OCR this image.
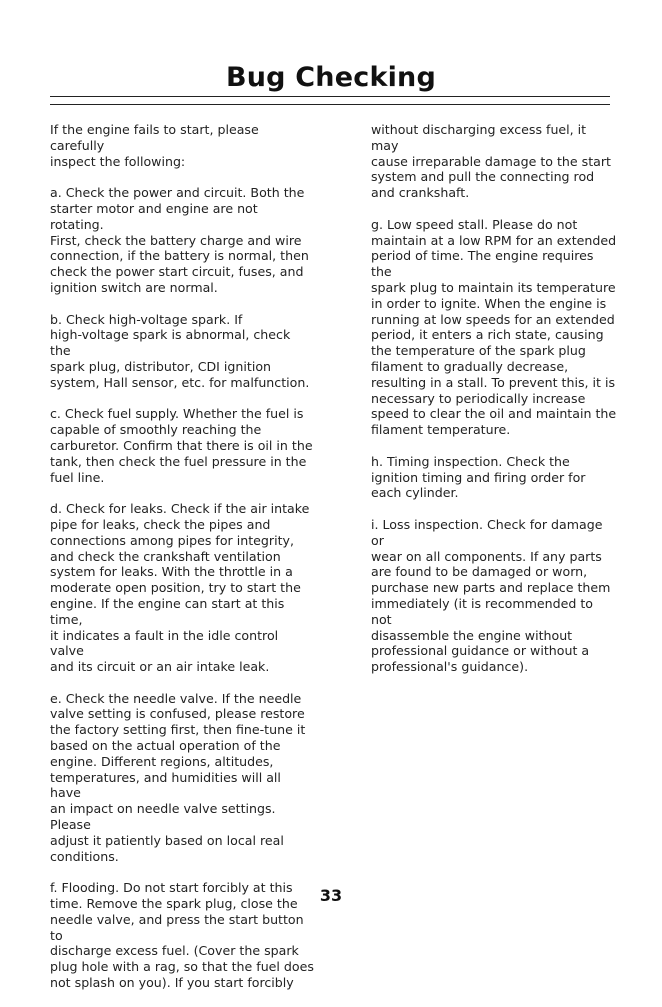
Bug Checking

If the engine fails to start, please carefully
inspect the following:

a. Check the power and circuit. Both the
starter motor and engine are not rotating.
First, check the battery charge and wire
connection, if the battery is normal, then
check the power start circuit, fuses, and
ignition switch are normal.

b. Check high-voltage spark. If
high-voltage spark is abnormal, check the
spark plug, distributor, CDI ignition
system, Hall sensor, etc. for malfunction.

c. Check fuel supply. Whether the fuel is
capable of smoothly reaching the
carburetor. Confirm that there is oil in the
tank, then check the fuel pressure in the
fuel line.

d. Check for leaks. Check if the air intake
pipe for leaks, check the pipes and
connections among pipes for integrity,
and check the crankshaft ventilation
system for leaks. With the throttle in a
moderate open position, try to start the
engine. If the engine can start at this time,
it indicates a fault in the idle control valve
and its circuit or an air intake leak.

e. Check the needle valve. If the needle
valve setting is confused, please restore
the factory setting first, then fine-tune it
based on the actual operation of the
engine. Different regions, altitudes,
temperatures, and humidities will all have
an impact on needle valve settings. Please
adjust it patiently based on local real
conditions.

f. Flooding. Do not start forcibly at this
time. Remove the spark plug, close the
needle valve, and press the start button to
discharge excess fuel. (Cover the spark
plug hole with a rag, so that the fuel does
not splash on you). If you start forcibly

without discharging excess fuel, it may
cause irreparable damage to the start
system and pull the connecting rod
and crankshaft.

g. Low speed stall. Please do not
maintain at a low RPM for an extended
period of time. The engine requires the
spark plug to maintain its temperature
in order to ignite. When the engine is
running at low speeds for an extended
period, it enters a rich state, causing
the temperature of the spark plug
filament to gradually decrease,
resulting in a stall. To prevent this, it is
necessary to periodically increase
speed to clear the oil and maintain the
filament temperature.

h. Timing inspection. Check the
ignition timing and firing order for
each cylinder.

i. Loss inspection. Check for damage or
wear on all components. If any parts
are found to be damaged or worn,
purchase new parts and replace them
immediately (it is recommended to not
disassemble the engine without
professional guidance or without a
professional's guidance).

33
